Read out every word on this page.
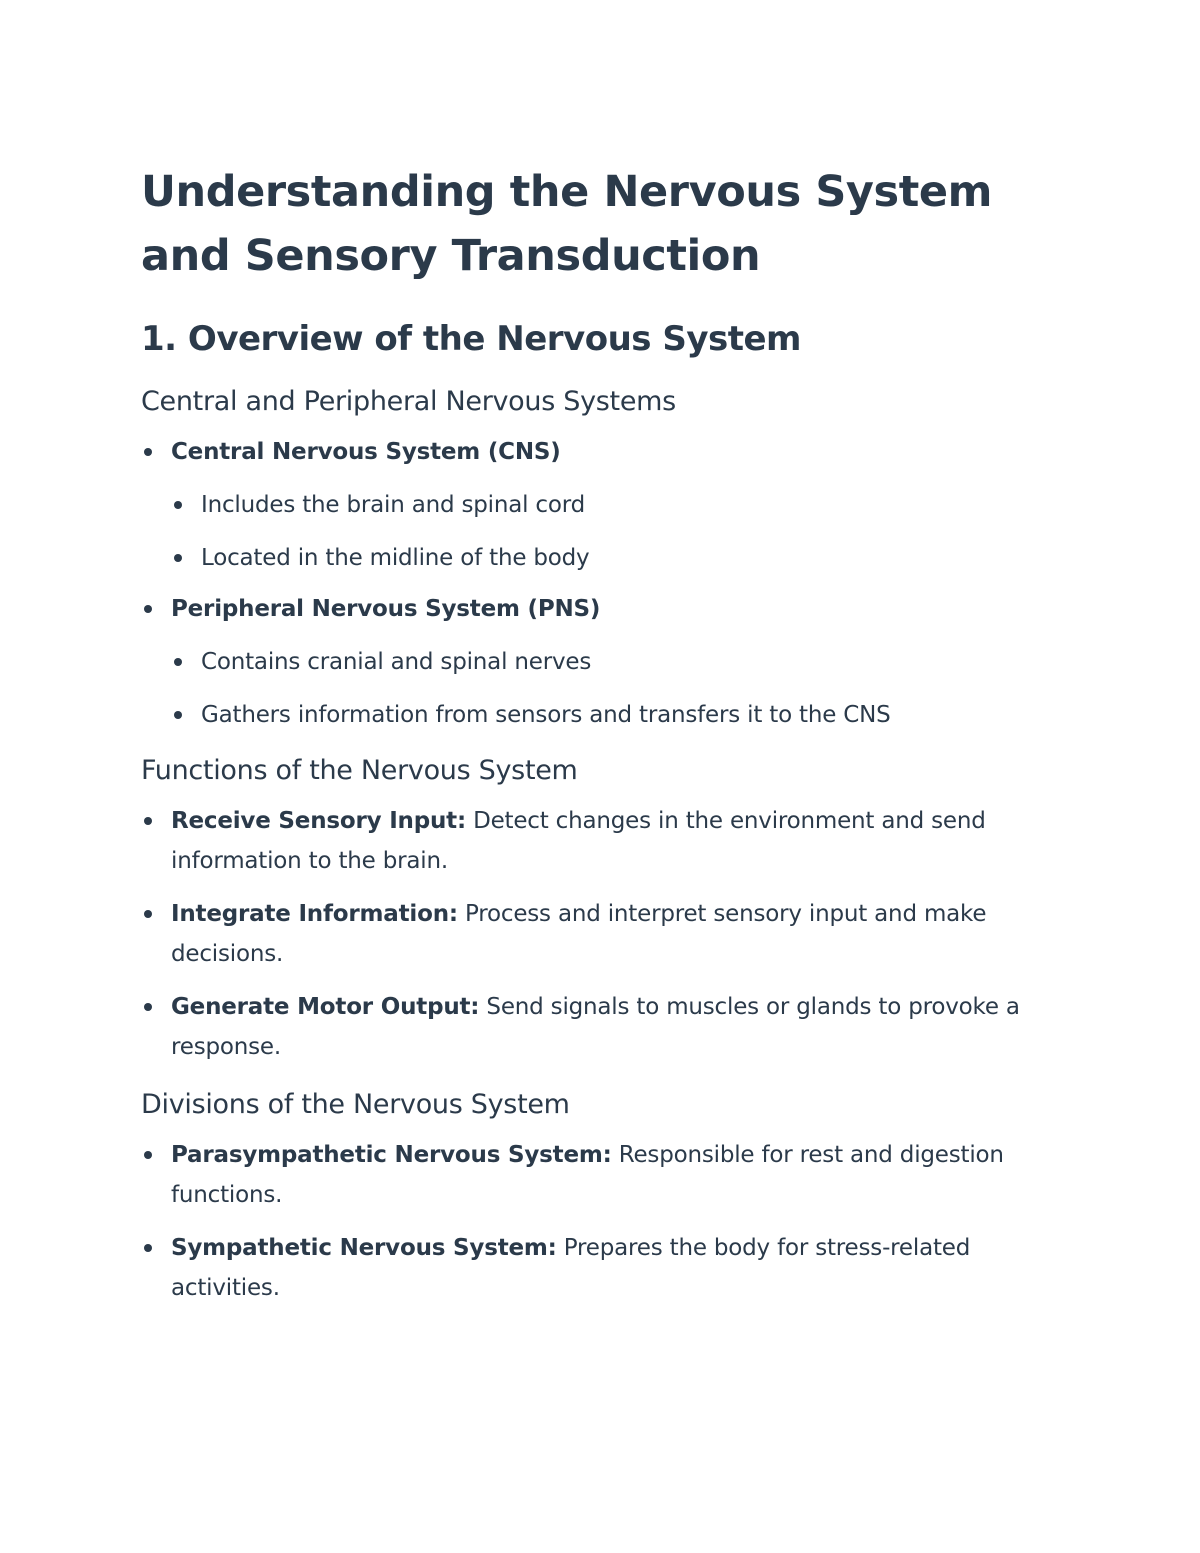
Understanding the Nervous System and Sensory Transduction
1. Overview of the Nervous System
Central and Peripheral Nervous Systems
Central Nervous System (CNS)
Includes the brain and spinal cord
Located in the midline of the body
Peripheral Nervous System (PNS)
Contains cranial and spinal nerves
Gathers information from sensors and transfers it to the CNS
Functions of the Nervous System
Receive Sensory Input: Detect changes in the environment and send information to the brain.
Integrate Information: Process and interpret sensory input and make decisions.
Generate Motor Output: Send signals to muscles or glands to provoke a response.
Divisions of the Nervous System
Parasympathetic Nervous System: Responsible for rest and digestion functions.
Sympathetic Nervous System: Prepares the body for stress-related activities.
